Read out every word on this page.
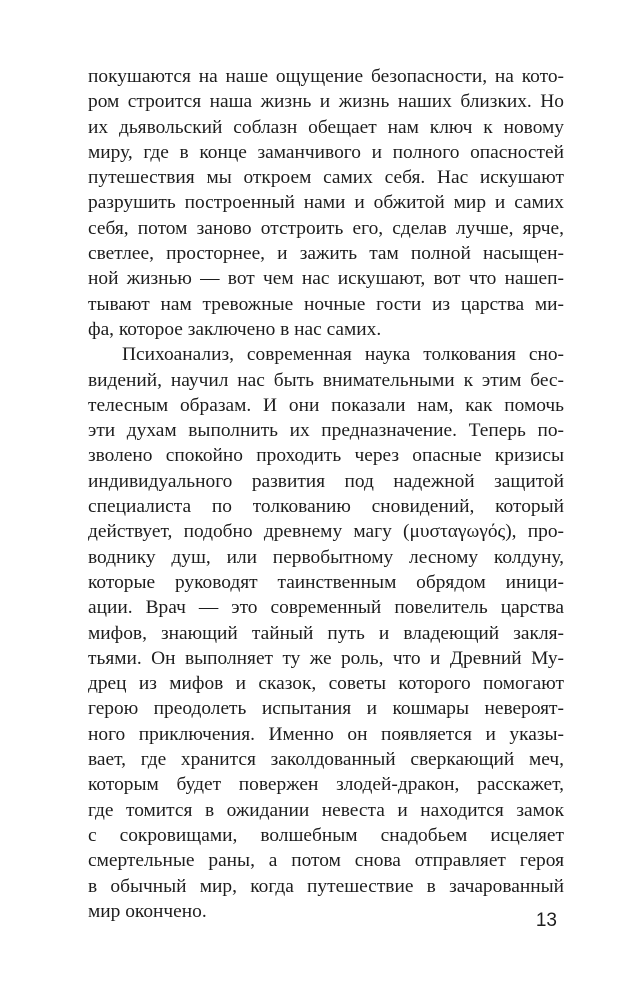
покушаются на наше ощущение безопасности, на кото-
ром строится наша жизнь и жизнь наших близких. Но
их дьявольский соблазн обещает нам ключ к новому
миру, где в конце заманчивого и полного опасностей
путешествия мы откроем самих себя. Нас искушают
разрушить построенный нами и обжитой мир и самих
себя, потом заново отстроить его, сделав лучше, ярче,
светлее, просторнее, и зажить там полной насыщен-
ной жизнью — вот чем нас искушают, вот что нашеп-
тывают нам тревожные ночные гости из царства ми-
фа, которое заключено в нас самих.
Психоанализ, современная наука толкования сно-
видений, научил нас быть внимательными к этим бес-
телесным образам. И они показали нам, как помочь
эти духам выполнить их предназначение. Теперь по-
зволено спокойно проходить через опасные кризисы
индивидуального развития под надежной защитой
специалиста по толкованию сновидений, который
действует, подобно древнему магу (μυσταγωγός), про-
воднику душ, или первобытному лесному колдуну,
которые руководят таинственным обрядом иници-
ации. Врач — это современный повелитель царства
мифов, знающий тайный путь и владеющий закля-
тьями. Он выполняет ту же роль, что и Древний Му-
дрец из мифов и сказок, советы которого помогают
герою преодолеть испытания и кошмары невероят-
ного приключения. Именно он появляется и указы-
вает, где хранится заколдованный сверкающий меч,
которым будет повержен злодей-дракон, расскажет,
где томится в ожидании невеста и находится замок
с сокровищами, волшебным снадобьем исцеляет
смертельные раны, а потом снова отправляет героя
в обычный мир, когда путешествие в зачарованный
мир окончено.	13
